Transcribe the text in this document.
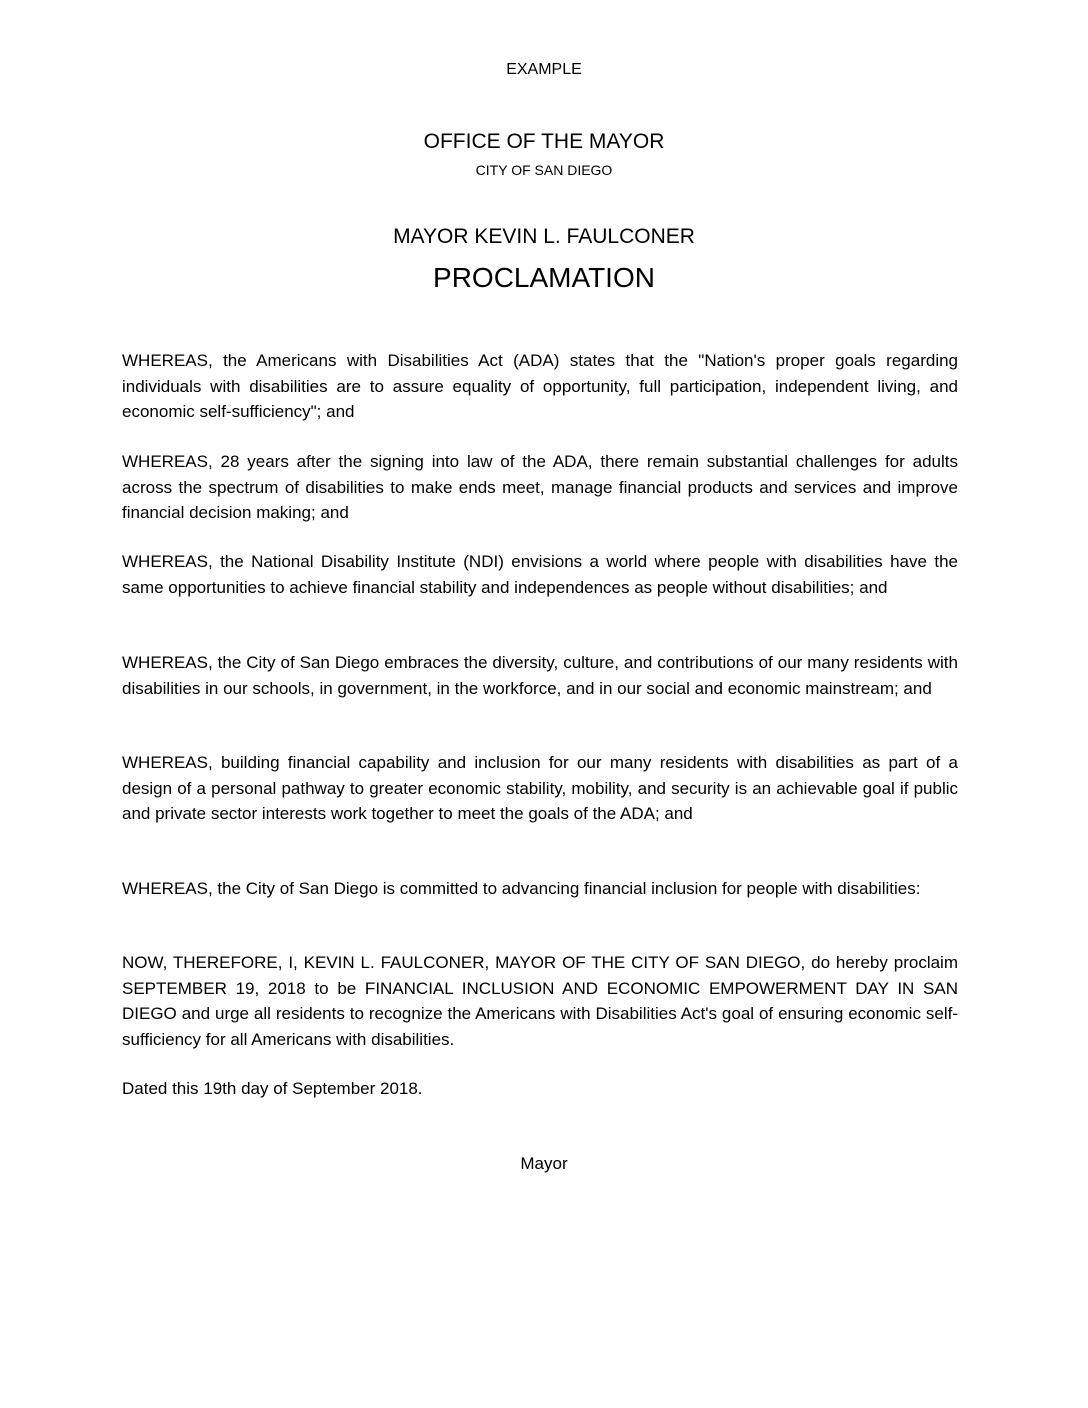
EXAMPLE
OFFICE OF THE MAYOR
CITY OF SAN DIEGO
MAYOR KEVIN L. FAULCONER
PROCLAMATION
WHEREAS, the Americans with Disabilities Act (ADA) states that the "Nation's proper goals regarding individuals with disabilities are to assure equality of opportunity, full participation, independent living, and economic self-sufficiency"; and
WHEREAS, 28 years after the signing into law of the ADA, there remain substantial challenges for adults across the spectrum of disabilities to make ends meet, manage financial products and services and improve financial decision making; and
WHEREAS, the National Disability Institute (NDI) envisions a world where people with disabilities have the same opportunities to achieve financial stability and independences as people without disabilities; and
WHEREAS, the City of San Diego embraces the diversity, culture, and contributions of our many residents with disabilities in our schools, in government, in the workforce, and in our social and economic mainstream; and
WHEREAS, building financial capability and inclusion for our many residents with disabilities as part of a design of a personal pathway to greater economic stability, mobility, and security is an achievable goal if public and private sector interests work together to meet the goals of the ADA; and
WHEREAS, the City of San Diego is committed to advancing financial inclusion for people with disabilities:
NOW, THEREFORE, I, KEVIN L. FAULCONER, MAYOR OF THE CITY OF SAN DIEGO, do hereby proclaim SEPTEMBER 19, 2018 to be FINANCIAL INCLUSION AND ECONOMIC EMPOWERMENT DAY IN SAN DIEGO and urge all residents to recognize the Americans with Disabilities Act's goal of ensuring economic self-sufficiency for all Americans with disabilities.
Dated this 19th day of September 2018.
Mayor
